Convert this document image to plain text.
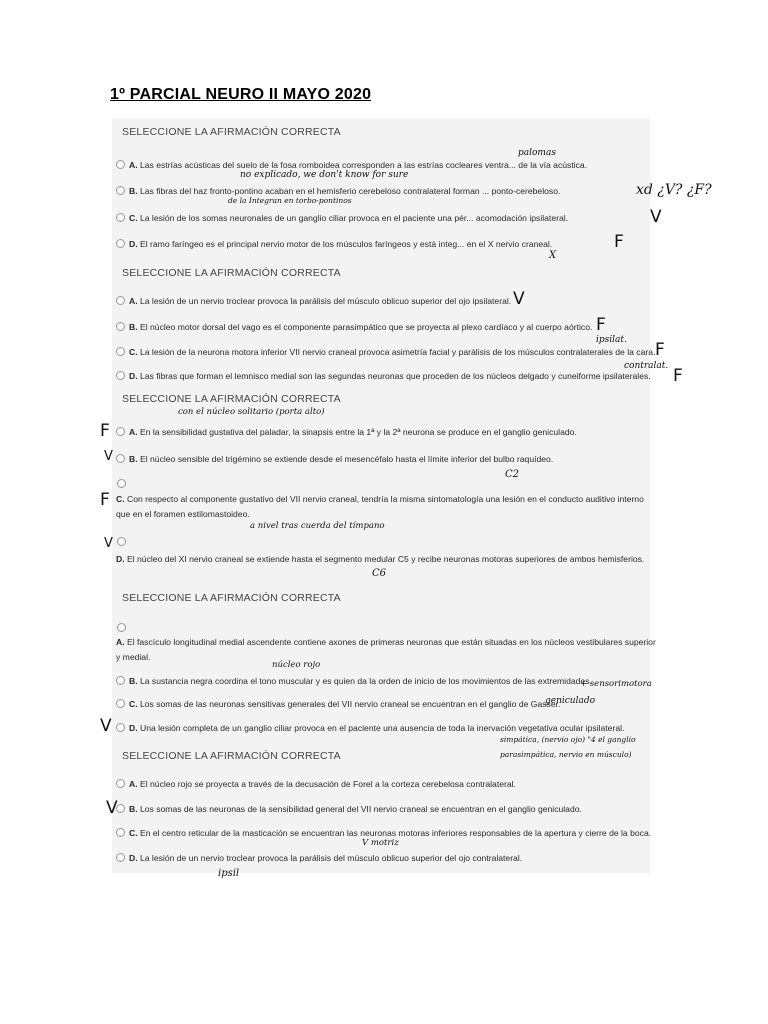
1º PARCIAL NEURO II MAYO 2020
SELECCIONE LA AFIRMACIÓN CORRECTA
A. Las estrías acústicas del suelo de la fosa romboidea corresponden a las estrías cocleares ventra... de la vía acústica.
B. Las fibras del haz fronto-pontino acaban en el hemisferio cerebeloso contralateral forman ... ponto-cerebeloso.
C. La lesión de los somas neuronales de un ganglio ciliar provoca en el paciente una pér... acomodación ipsilateral.
D. El ramo faríngeo es el principal nervio motor de los músculos faríngeos y está integ... en el X nervio craneal.
palomas
no explicado, we don't know for sure
de la Integran en torbo-pontinos
xd ¿V? ¿F?
V
F
X
SELECCIONE LA AFIRMACIÓN CORRECTA
A. La lesión de un nervio troclear provoca la parálisis del músculo oblicuo superior del ojo ipsilateral.
B. El núcleo motor dorsal del vago es el componente parasimpático que se proyecta al plexo cardíaco y al cuerpo aórtico.
C. La lesión de la neurona motora inferior VII nervio craneal provoca asimetría facial y parálisis de los músculos contralaterales de la cara.
D. Las fibras que forman el lemnisco medial son las segundas neuronas que proceden de los núcleos delgado y cuneiforme ipsilaterales.
V
F
ipsilat. F
contralat. F
SELECCIONE LA AFIRMACIÓN CORRECTA
con el núcleo solitario (porta alto)
A. En la sensibilidad gustativa del paladar, la sinapsis entre la 1ª y la 2ª neurona se produce en el ganglio geniculado.
F
B. El núcleo sensible del trigémino se extiende desde el mesencéfalo hasta el límite inferior del bulbo raquídeo.
V
C2
C. Con respecto al componente gustativo del VII nervio craneal, tendría la misma sintomatología una lesión en el conducto auditivo interno que en el foramen estilomastoideo.
F
a nivel tras cuerda del tímpano
V
D. El núcleo del XI nervio craneal se extiende hasta el segmento medular C5 y recibe neuronas motoras superiores de ambos hemisferios.
C6
SELECCIONE LA AFIRMACIÓN CORRECTA
A. El fascículo longitudinal medial ascendente contiene axones de primeras neuronas que están situadas en los núcleos vestibulares superior y medial.
núcleo rojo
B. La sustancia negra coordina el tono muscular y es quien da la orden de inicio de los movimientos de las extremidades.
+ sensorimotora
C. Los somas de las neuronas sensitivas generales del VII nervio craneal se encuentran en el ganglio de Gasser.
geniculado
D. Una lesión completa de un ganglio ciliar provoca en el paciente una ausencia de toda la inervación vegetativa ocular ipsilateral.
V
simpática, (nervio ojo) "4 el ganglio
parasimpática, nervio en músculo)
SELECCIONE LA AFIRMACIÓN CORRECTA
A. El núcleo rojo se proyecta a través de la decusación de Forel a la corteza cerebelosa contralateral.
B. Los somas de las neuronas de la sensibilidad general del VII nervio craneal se encuentran en el ganglio geniculado.
V
C. En el centro reticular de la masticación se encuentran las neuronas motoras inferiores responsables de la apertura y cierre de la boca.
V motriz
D. La lesión de un nervio troclear provoca la parálisis del músculo oblicuo superior del ojo contralateral.
ipsil
